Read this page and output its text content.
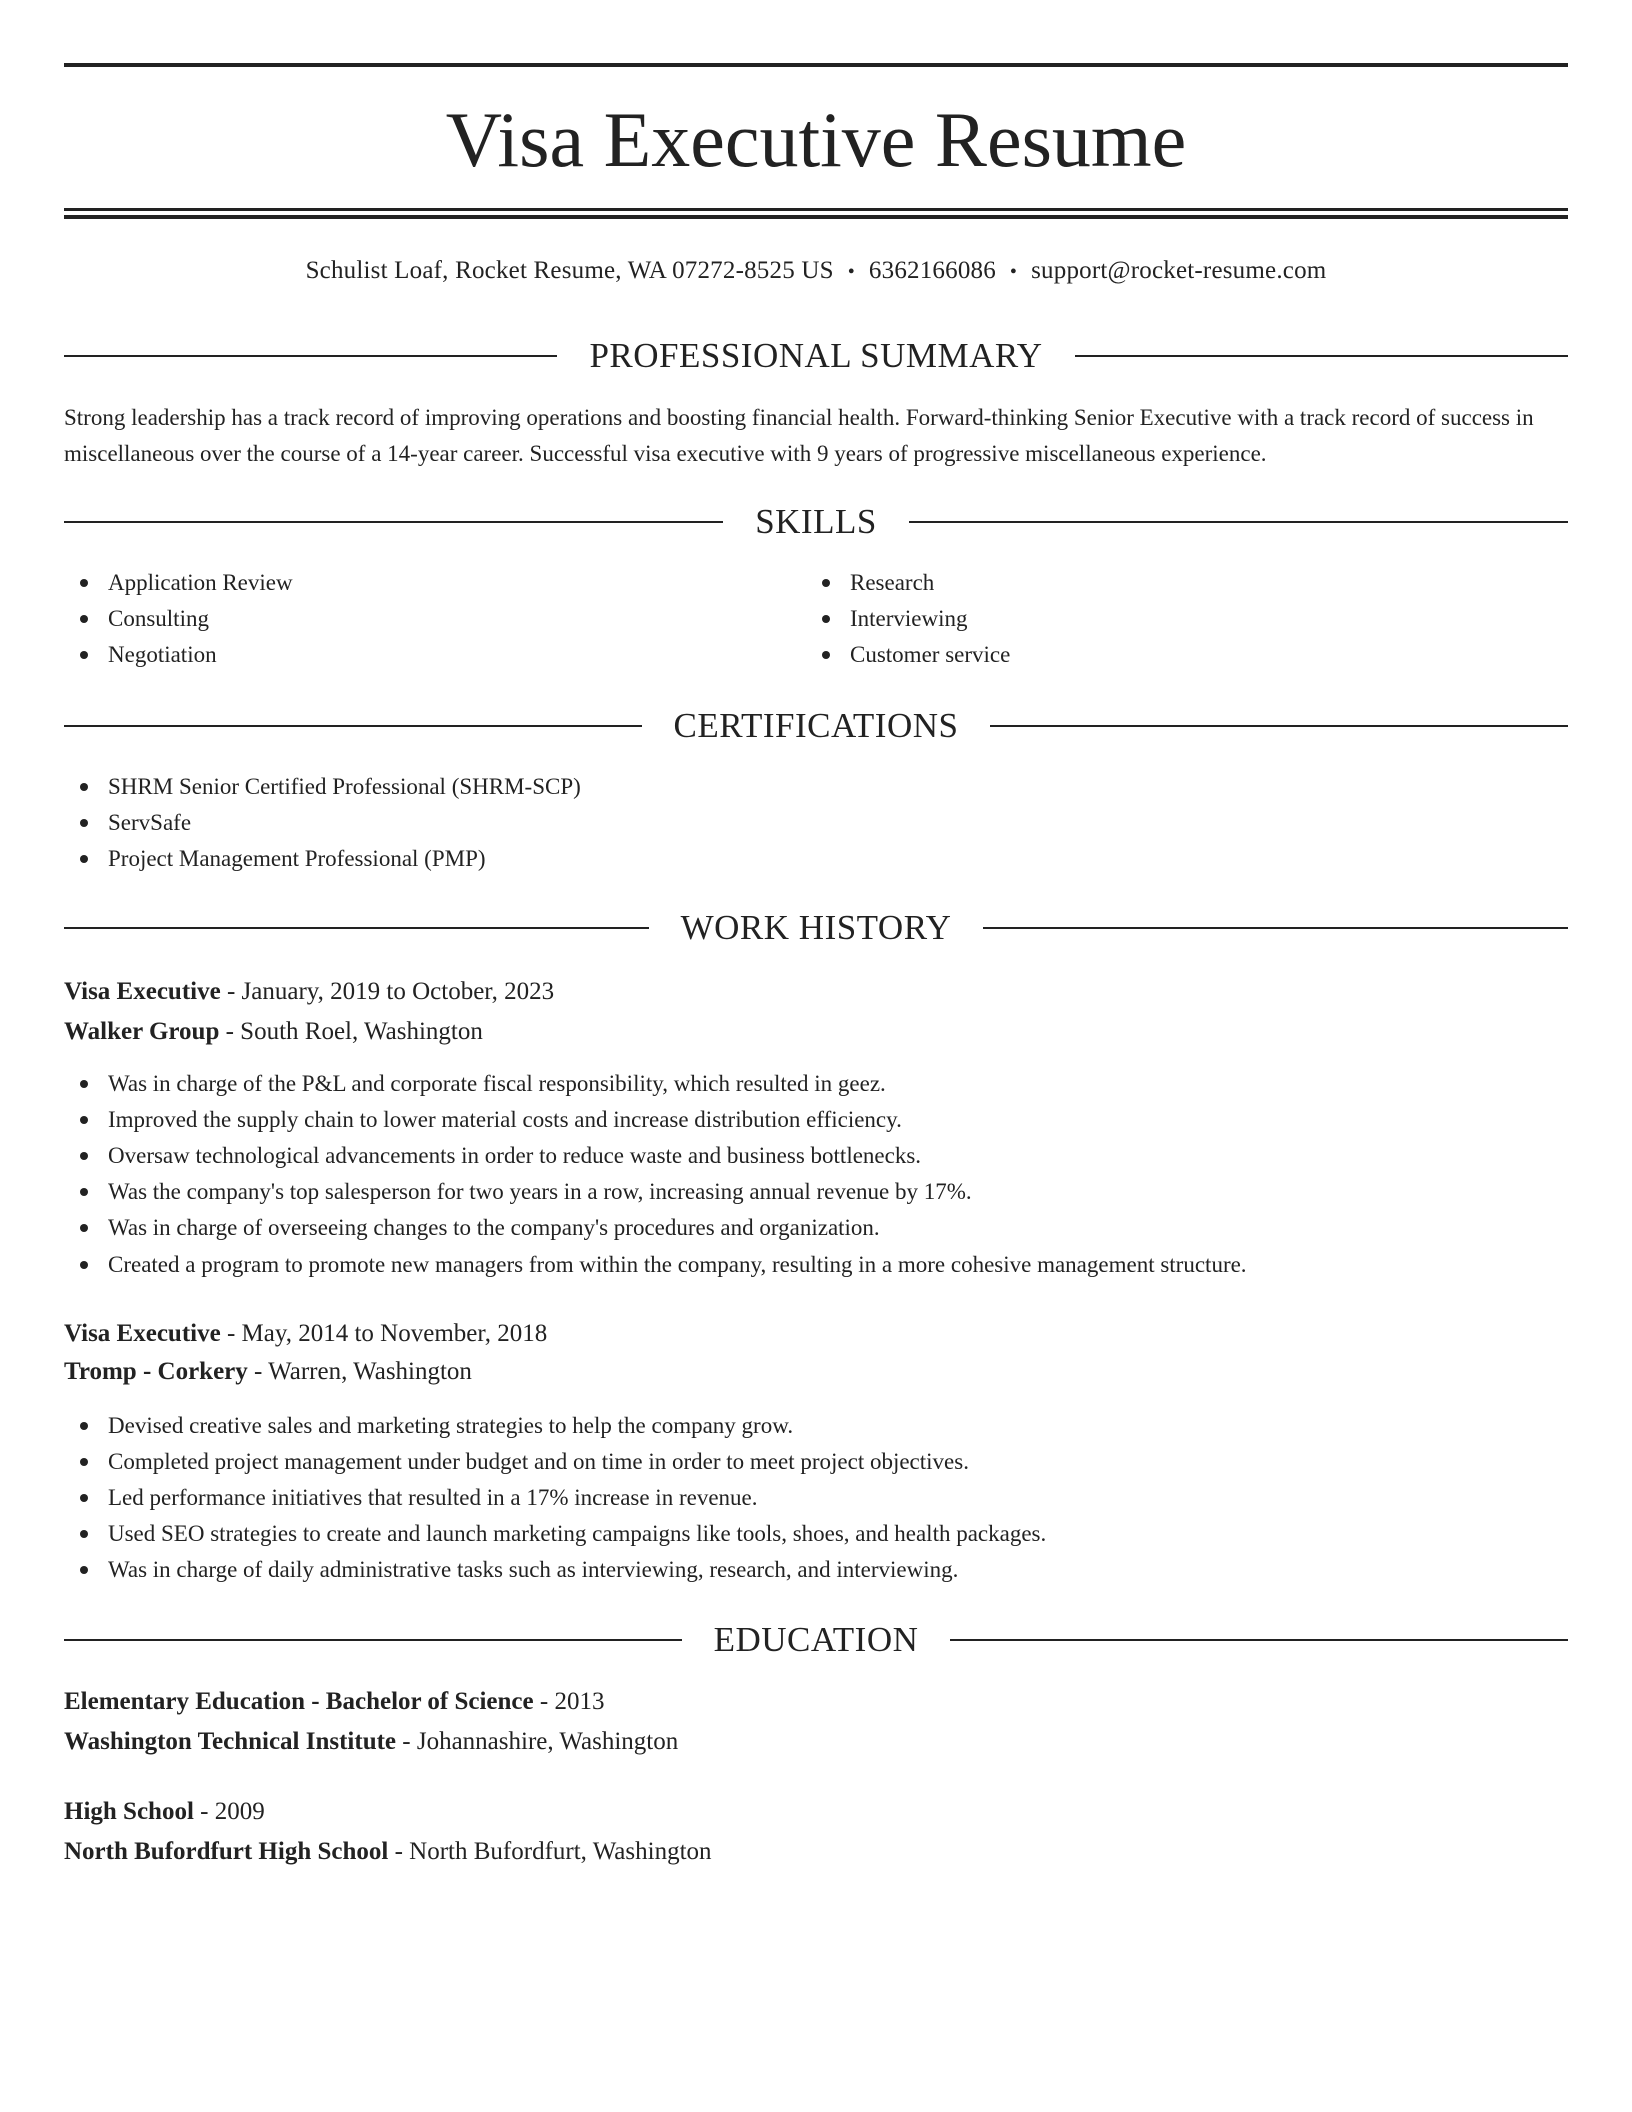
Visa Executive Resume
Schulist Loaf, Rocket Resume, WA 07272-8525 US • 6362166086 • support@rocket-resume.com
PROFESSIONAL SUMMARY
Strong leadership has a track record of improving operations and boosting financial health. Forward-thinking Senior Executive with a track record of success in miscellaneous over the course of a 14-year career. Successful visa executive with 9 years of progressive miscellaneous experience.
SKILLS
Application Review
Consulting
Negotiation
Research
Interviewing
Customer service
CERTIFICATIONS
SHRM Senior Certified Professional (SHRM-SCP)
ServSafe
Project Management Professional (PMP)
WORK HISTORY
Visa Executive - January, 2019 to October, 2023
Walker Group - South Roel, Washington
Was in charge of the P&L and corporate fiscal responsibility, which resulted in geez.
Improved the supply chain to lower material costs and increase distribution efficiency.
Oversaw technological advancements in order to reduce waste and business bottlenecks.
Was the company's top salesperson for two years in a row, increasing annual revenue by 17%.
Was in charge of overseeing changes to the company's procedures and organization.
Created a program to promote new managers from within the company, resulting in a more cohesive management structure.
Visa Executive - May, 2014 to November, 2018
Tromp - Corkery - Warren, Washington
Devised creative sales and marketing strategies to help the company grow.
Completed project management under budget and on time in order to meet project objectives.
Led performance initiatives that resulted in a 17% increase in revenue.
Used SEO strategies to create and launch marketing campaigns like tools, shoes, and health packages.
Was in charge of daily administrative tasks such as interviewing, research, and interviewing.
EDUCATION
Elementary Education - Bachelor of Science - 2013
Washington Technical Institute - Johannashire, Washington
High School - 2009
North Bufordfurt High School - North Bufordfurt, Washington
